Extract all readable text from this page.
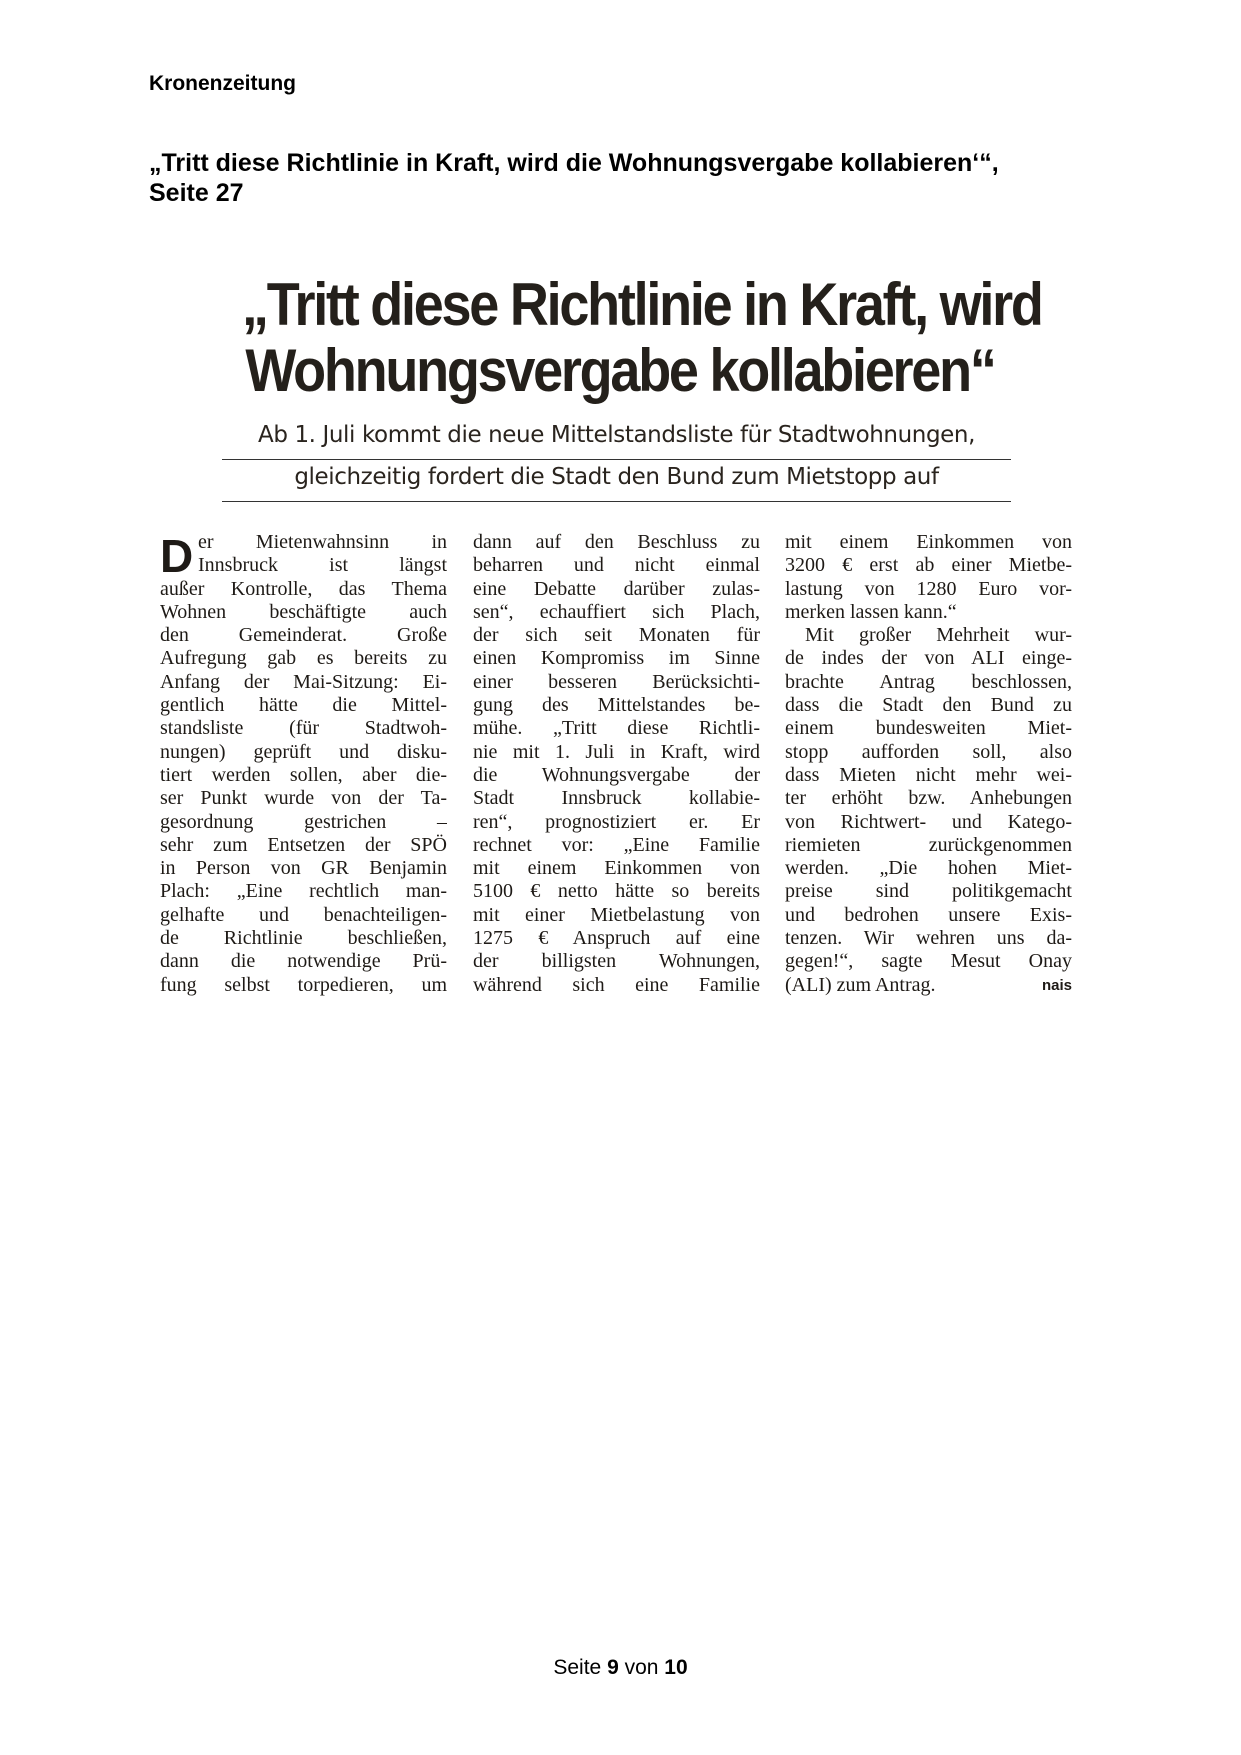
Kronenzeitung
„Tritt diese Richtlinie in Kraft, wird die Wohnungsvergabe kollabieren‘“,
Seite 27
„Tritt diese Richtlinie in Kraft, wird
Wohnungsvergabe kollabieren“
Ab 1. Juli kommt die neue Mittelstandsliste für Stadtwohnungen,
gleichzeitig fordert die Stadt den Bund zum Mietstopp auf
D er Mietenwahnsinn in
Innsbruck ist längst
außer Kontrolle, das Thema
Wohnen beschäftigte auch
den Gemeinderat. Große
Aufregung gab es bereits zu
Anfang der Mai-Sitzung: Ei-
gentlich hätte die Mittel-
standsliste (für Stadtwoh-
nungen) geprüft und disku-
tiert werden sollen, aber die-
ser Punkt wurde von der Ta-
gesordnung gestrichen –
sehr zum Entsetzen der SPÖ
in Person von GR Benjamin
Plach: „Eine rechtlich man-
gelhafte und benachteiligen-
de Richtlinie beschließen,
dann die notwendige Prü-
fung selbst torpedieren, um
dann auf den Beschluss zu
beharren und nicht einmal
eine Debatte darüber zulas-
sen“, echauffiert sich Plach,
der sich seit Monaten für
einen Kompromiss im Sinne
einer besseren Berücksichti-
gung des Mittelstandes be-
mühe. „Tritt diese Richtli-
nie mit 1. Juli in Kraft, wird
die Wohnungsvergabe der
Stadt Innsbruck kollabie-
ren“, prognostiziert er. Er
rechnet vor: „Eine Familie
mit einem Einkommen von
5100 € netto hätte so bereits
mit einer Mietbelastung von
1275 € Anspruch auf eine
der billigsten Wohnungen,
während sich eine Familie
mit einem Einkommen von
3200 € erst ab einer Mietbe-
lastung von 1280 Euro vor-
merken lassen kann.“
Mit großer Mehrheit wur-
de indes der von ALI einge-
brachte Antrag beschlossen,
dass die Stadt den Bund zu
einem bundesweiten Miet-
stopp aufforden soll, also
dass Mieten nicht mehr wei-
ter erhöht bzw. Anhebungen
von Richtwert- und Katego-
riemieten zurückgenommen
werden. „Die hohen Miet-
preise sind politikgemacht
und bedrohen unsere Exis-
tenzen. Wir wehren uns da-
gegen!“, sagte Mesut Onay
(ALI) zum Antrag.	nais
Seite 9 von 10
